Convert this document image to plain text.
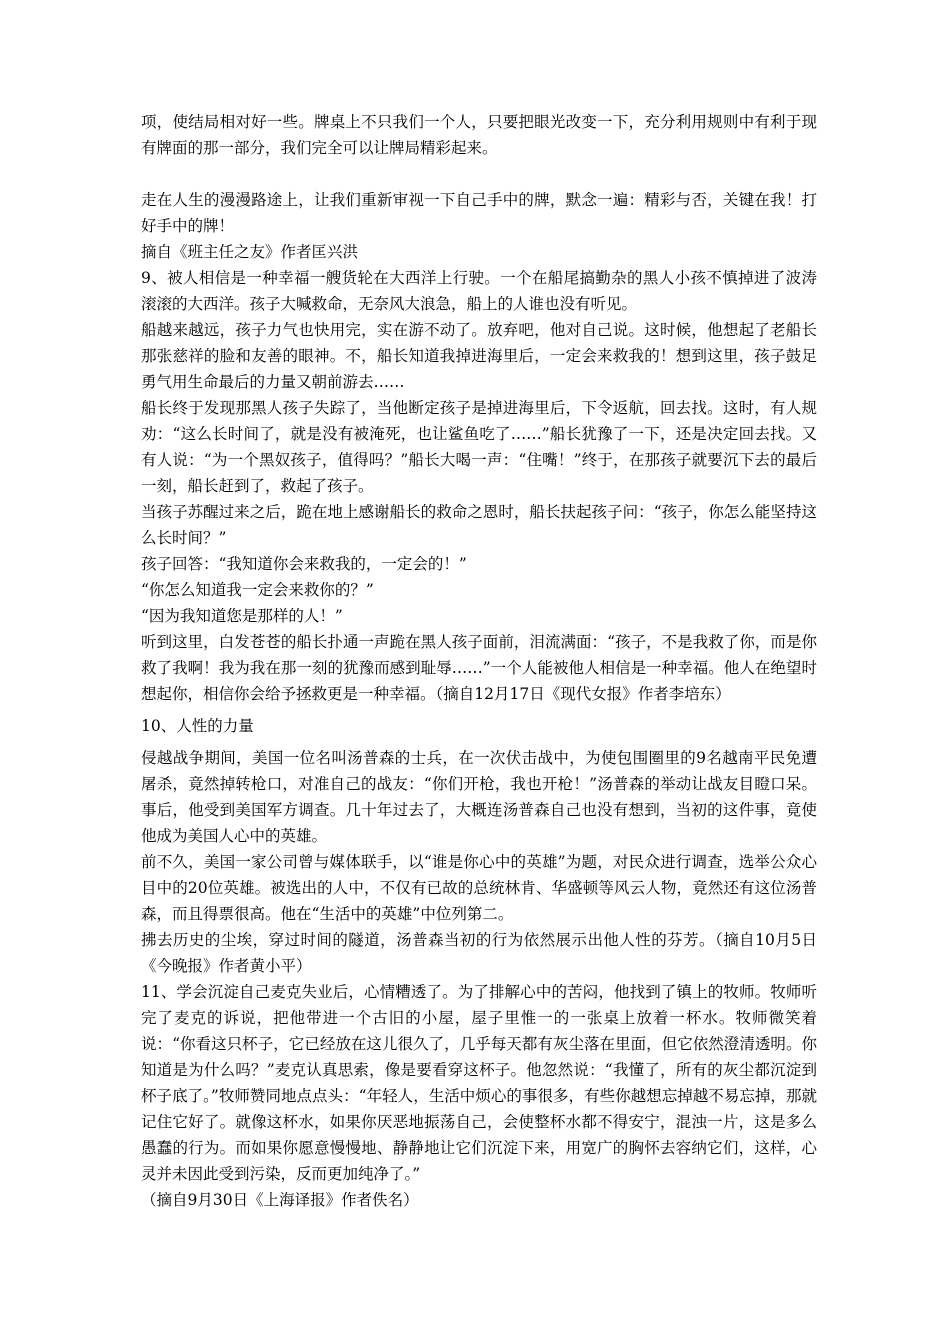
项，使结局相对好一些。牌桌上不只我们一个人，只要把眼光改变一下，充分利用规则中有利于现有牌面的那一部分，我们完全可以让牌局精彩起来。

走在人生的漫漫路途上，让我们重新审视一下自己手中的牌，默念一遍：精彩与否，关键在我！打好手中的牌！

摘自《班主任之友》作者匡兴洪

9、被人相信是一种幸福一艘货轮在大西洋上行驶。一个在船尾搞勤杂的黑人小孩不慎掉进了波涛滚滚的大西洋。孩子大喊救命，无奈风大浪急，船上的人谁也没有听见。

船越来越远，孩子力气也快用完，实在游不动了。放弃吧，他对自己说。这时候，他想起了老船长那张慈祥的脸和友善的眼神。不，船长知道我掉进海里后，一定会来救我的！想到这里，孩子鼓足勇气用生命最后的力量又朝前游去……

船长终于发现那黑人孩子失踪了，当他断定孩子是掉进海里后，下令返航，回去找。这时，有人规劝：“这么长时间了，就是没有被淹死，也让鲨鱼吃了……”船长犹豫了一下，还是决定回去找。又有人说：“为一个黑奴孩子，值得吗？”船长大喝一声：“住嘴！”终于，在那孩子就要沉下去的最后一刻，船长赶到了，救起了孩子。

当孩子苏醒过来之后，跪在地上感谢船长的救命之恩时，船长扶起孩子问：“孩子，你怎么能坚持这么长时间？”

孩子回答：“我知道你会来救我的，一定会的！”

“你怎么知道我一定会来救你的？”

“因为我知道您是那样的人！”

听到这里，白发苍苍的船长扑通一声跪在黑人孩子面前，泪流满面：“孩子，不是我救了你，而是你救了我啊！我为我在那一刻的犹豫而感到耻辱……”一个人能被他人相信是一种幸福。他人在绝望时想起你，相信你会给予拯救更是一种幸福。（摘自12月17日《现代女报》作者李培东）

10、人性的力量

侵越战争期间，美国一位名叫汤普森的士兵，在一次伏击战中，为使包围圈里的9名越南平民免遭屠杀，竟然掉转枪口，对准自己的战友：“你们开枪，我也开枪！”汤普森的举动让战友目瞪口呆。事后，他受到美国军方调查。几十年过去了，大概连汤普森自己也没有想到，当初的这件事，竟使他成为美国人心中的英雄。

前不久，美国一家公司曾与媒体联手，以“谁是你心中的英雄”为题，对民众进行调查，选举公众心目中的20位英雄。被选出的人中，不仅有已故的总统林肯、华盛顿等风云人物，竟然还有这位汤普森，而且得票很高。他在“生活中的英雄”中位列第二。

拂去历史的尘埃，穿过时间的隧道，汤普森当初的行为依然展示出他人性的芬芳。（摘自10月5日《今晚报》作者黄小平）

11、学会沉淀自己麦克失业后，心情糟透了。为了排解心中的苦闷，他找到了镇上的牧师。牧师听完了麦克的诉说，把他带进一个古旧的小屋，屋子里惟一的一张桌上放着一杯水。牧师微笑着说：“你看这只杯子，它已经放在这儿很久了，几乎每天都有灰尘落在里面，但它依然澄清透明。你知道是为什么吗？”麦克认真思索，像是要看穿这杯子。他忽然说：“我懂了，所有的灰尘都沉淀到杯子底了。”牧师赞同地点点头：“年轻人，生活中烦心的事很多，有些你越想忘掉越不易忘掉，那就记住它好了。就像这杯水，如果你厌恶地振荡自己，会使整杯水都不得安宁，混浊一片，这是多么愚蠢的行为。而如果你愿意慢慢地、静静地让它们沉淀下来，用宽广的胸怀去容纳它们，这样，心灵并未因此受到污染，反而更加纯净了。”

（摘自9月30日《上海译报》作者佚名）
